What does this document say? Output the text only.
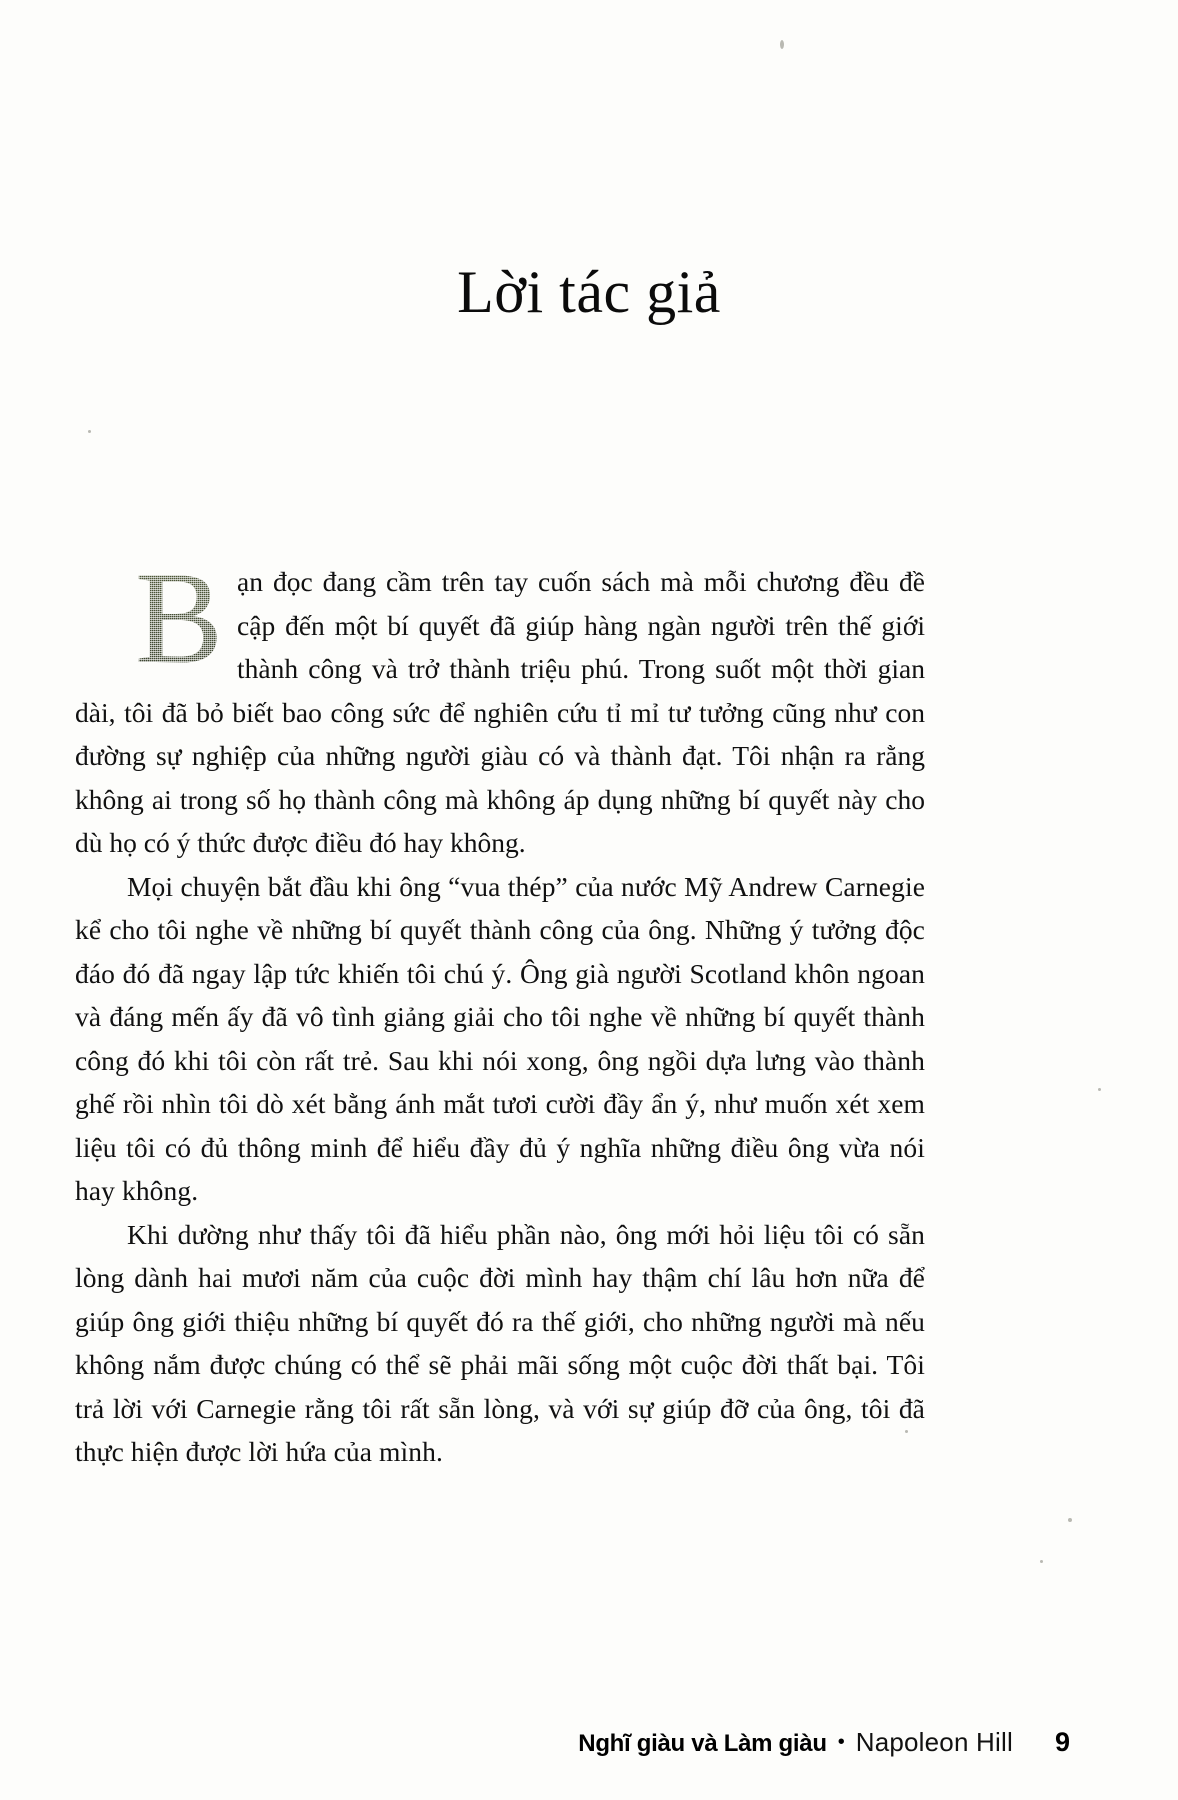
Lời tác giả
B ạn đọc đang cầm trên tay cuốn sách mà mỗi chương đều đề cập đến một bí quyết đã giúp hàng ngàn người trên thế giới thành công và trở thành triệu phú. Trong suốt một thời gian dài, tôi đã bỏ biết bao công sức để nghiên cứu tỉ mỉ tư tưởng cũng như con đường sự nghiệp của những người giàu có và thành đạt. Tôi nhận ra rằng không ai trong số họ thành công mà không áp dụng những bí quyết này cho dù họ có ý thức được điều đó hay không.

Mọi chuyện bắt đầu khi ông “vua thép” của nước Mỹ Andrew Carnegie kể cho tôi nghe về những bí quyết thành công của ông. Những ý tưởng độc đáo đó đã ngay lập tức khiến tôi chú ý. Ông già người Scotland khôn ngoan và đáng mến ấy đã vô tình giảng giải cho tôi nghe về những bí quyết thành công đó khi tôi còn rất trẻ. Sau khi nói xong, ông ngồi dựa lưng vào thành ghế rồi nhìn tôi dò xét bằng ánh mắt tươi cười đầy ẩn ý, như muốn xét xem liệu tôi có đủ thông minh để hiểu đầy đủ ý nghĩa những điều ông vừa nói hay không.

Khi dường như thấy tôi đã hiểu phần nào, ông mới hỏi liệu tôi có sẵn lòng dành hai mươi năm của cuộc đời mình hay thậm chí lâu hơn nữa để giúp ông giới thiệu những bí quyết đó ra thế giới, cho những người mà nếu không nắm được chúng có thể sẽ phải mãi sống một cuộc đời thất bại. Tôi trả lời với Carnegie rằng tôi rất sẵn lòng, và với sự giúp đỡ của ông, tôi đã thực hiện được lời hứa của mình.

Nghĩ giàu và Làm giàu • Napoleon Hill 9
